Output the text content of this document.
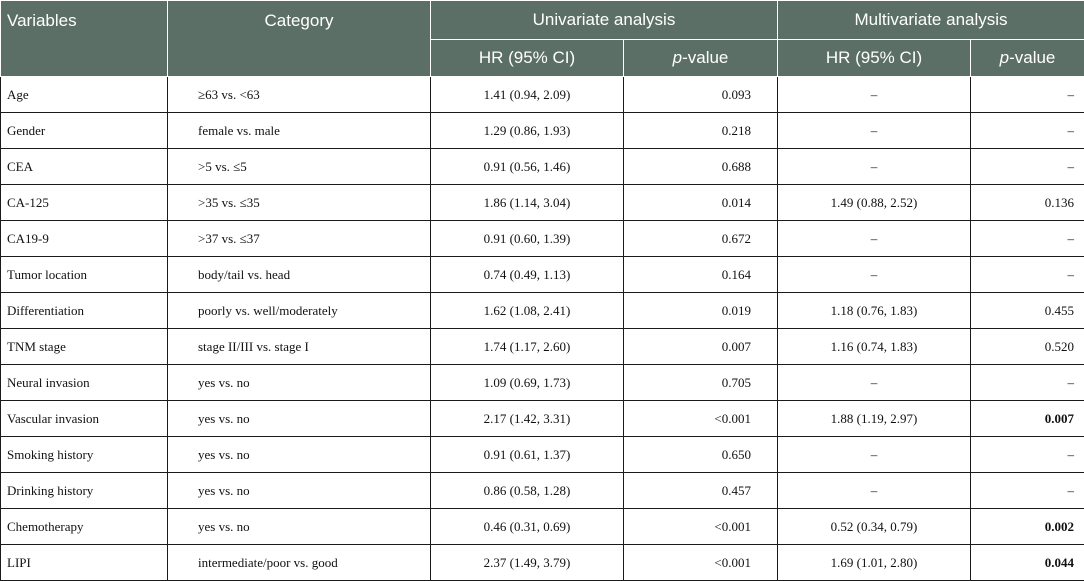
Variables	Category	Univariate analysis		Multivariate analysis	
		HR (95% CI)	p-value	HR (95% CI)	p-value
Age	≥63 vs. <63	1.41 (0.94, 2.09)	0.093	–	–
Gender	female vs. male	1.29 (0.86, 1.93)	0.218	–	–
CEA	>5 vs. ≤5	0.91 (0.56, 1.46)	0.688	–	–
CA-125	>35 vs. ≤35	1.86 (1.14, 3.04)	0.014	1.49 (0.88, 2.52)	0.136
CA19-9	>37 vs. ≤37	0.91 (0.60, 1.39)	0.672	–	–
Tumor location	body/tail vs. head	0.74 (0.49, 1.13)	0.164	–	–
Differentiation	poorly vs. well/moderately	1.62 (1.08, 2.41)	0.019	1.18 (0.76, 1.83)	0.455
TNM stage	stage II/III vs. stage I	1.74 (1.17, 2.60)	0.007	1.16 (0.74, 1.83)	0.520
Neural invasion	yes vs. no	1.09 (0.69, 1.73)	0.705	–	–
Vascular invasion	yes vs. no	2.17 (1.42, 3.31)	<0.001	1.88 (1.19, 2.97)	0.007
Smoking history	yes vs. no	0.91 (0.61, 1.37)	0.650	–	–
Drinking history	yes vs. no	0.86 (0.58, 1.28)	0.457	–	–
Chemotherapy	yes vs. no	0.46 (0.31, 0.69)	<0.001	0.52 (0.34, 0.79)	0.002
LIPI	intermediate/poor vs. good	2.37 (1.49, 3.79)	<0.001	1.69 (1.01, 2.80)	0.044
